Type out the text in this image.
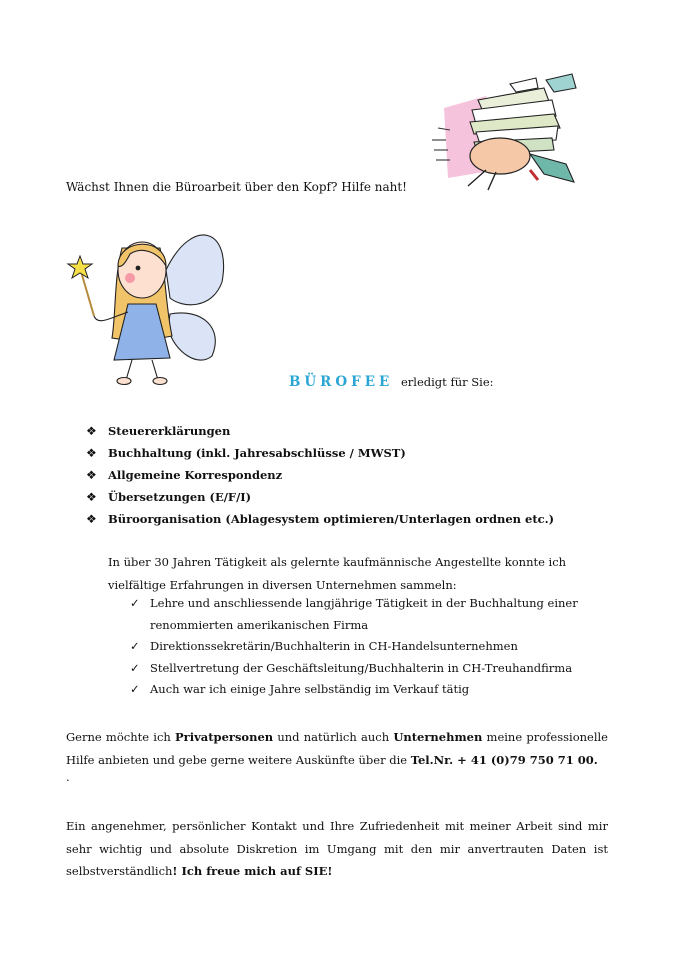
Wächst Ihnen die Büroarbeit über den Kopf? Hilfe naht!
BÜROFEE erledigt für Sie:
❖ Steuererklärungen
❖ Buchhaltung (inkl. Jahresabschlüsse / MWST)
❖ Allgemeine Korrespondenz
❖ Übersetzungen (E/F/I)
❖ Büroorganisation (Ablagesystem optimieren/Unterlagen ordnen etc.)
In über 30 Jahren Tätigkeit als gelernte kaufmännische Angestellte konnte ich vielfältige Erfahrungen in diversen Unternehmen sammeln:
✓ Lehre und anschliessende langjährige Tätigkeit in der Buchhaltung einer renommierten amerikanischen Firma
✓ Direktionssekretärin/Buchhalterin in CH-Handelsunternehmen
✓ Stellvertretung der Geschäftsleitung/Buchhalterin in CH-Treuhandfirma
✓ Auch war ich einige Jahre selbständig im Verkauf tätig
Gerne möchte ich Privatpersonen und natürlich auch Unternehmen meine professionelle Hilfe anbieten und gebe gerne weitere Auskünfte über die Tel.Nr. + 41 (0)79 750 71 00.
.
Ein angenehmer, persönlicher Kontakt und Ihre Zufriedenheit mit meiner Arbeit sind mir sehr wichtig und absolute Diskretion im Umgang mit den mir anvertrauten Daten ist selbstverständlich! Ich freue mich auf SIE!
